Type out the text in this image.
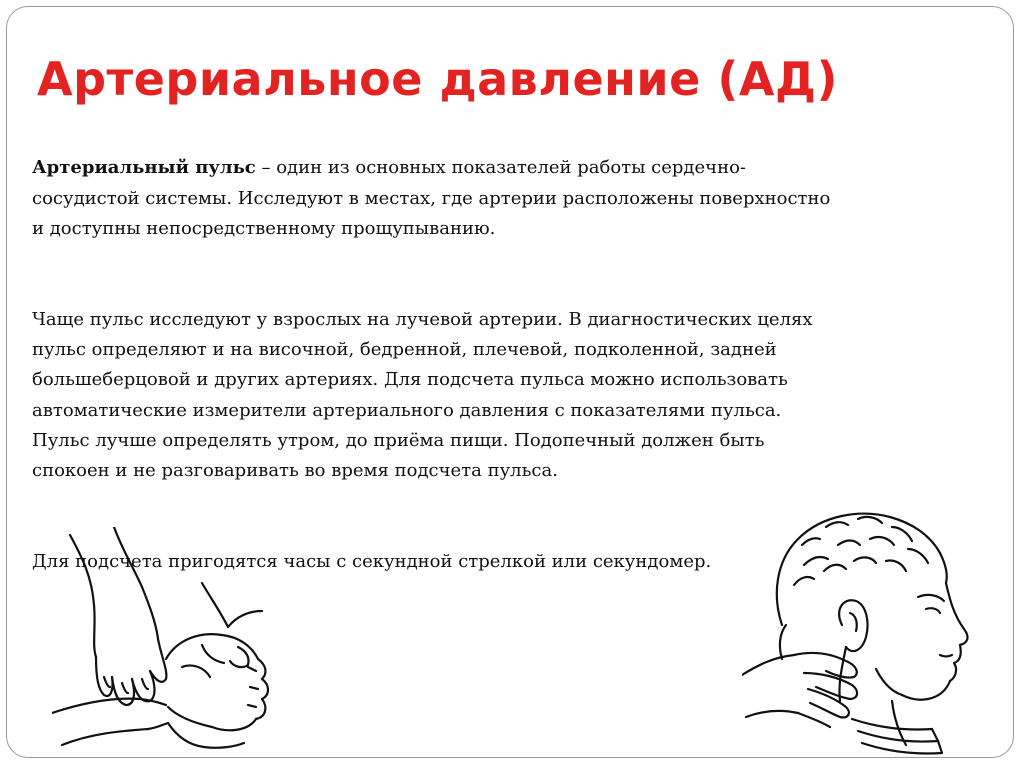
Артериальное давление (АД)

Артериальный пульс – один из основных показателей работы сердечно-
сосудистой системы. Исследуют в местах, где артерии расположены поверхностно
и доступны непосредственному прощупыванию.

Чаще пульс исследуют у взрослых на лучевой артерии. В диагностических целях
пульс определяют и на височной, бедренной, плечевой, подколенной, задней
большеберцовой и других артериях. Для подсчета пульса можно использовать
автоматические измерители артериального давления с показателями пульса.
Пульс лучше определять утром, до приёма пищи. Подопечный должен быть
спокоен и не разговаривать во время подсчета пульса.

Для подсчета пригодятся часы с секундной стрелкой или секундомер.
